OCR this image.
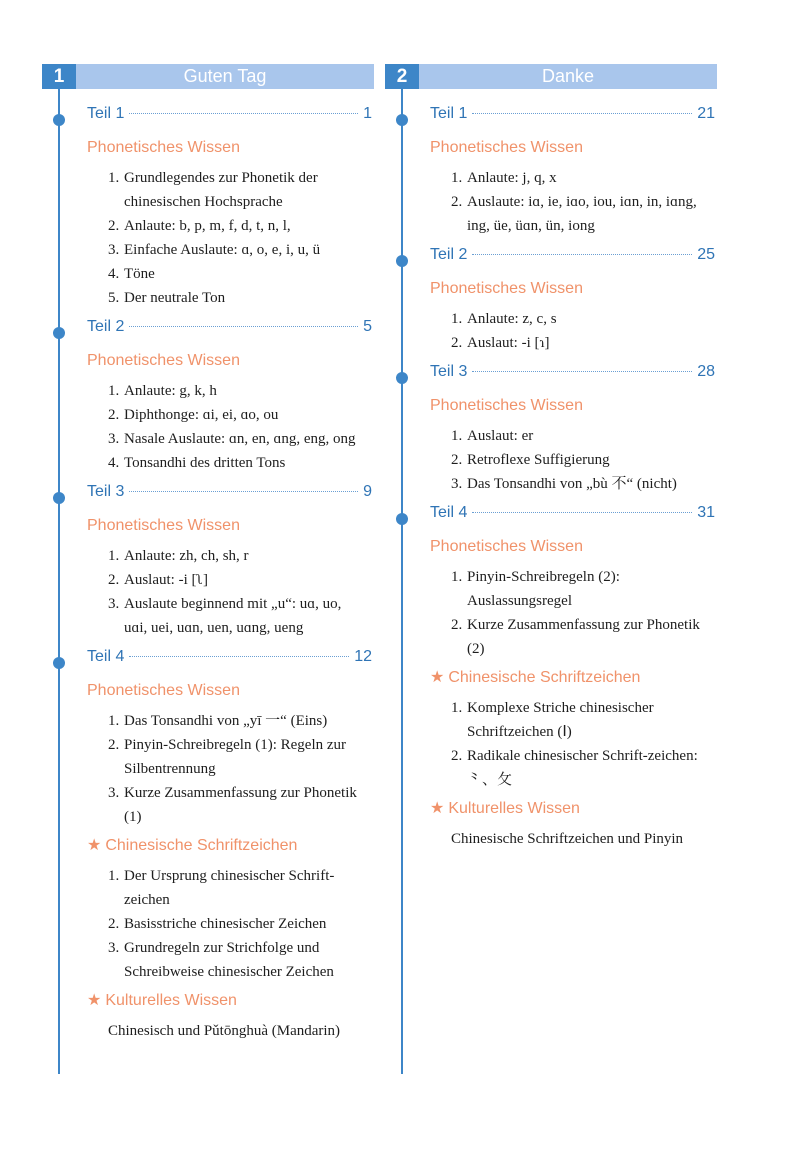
1	Guten Tag
Teil 1	1
Phonetisches Wissen
1. Grundlegendes zur Phonetik der chinesischen Hochsprache
2. Anlaute: b, p, m, f, d, t, n, l,
3. Einfache Auslaute: ɑ, o, e, i, u, ü
4. Töne
5. Der neutrale Ton
Teil 2	5
Phonetisches Wissen
1. Anlaute: g, k, h
2. Diphthonge: ɑi, ei, ɑo, ou
3. Nasale Auslaute: ɑn, en, ɑng, eng, ong
4. Tonsandhi des dritten Tons
Teil 3	9
Phonetisches Wissen
1. Anlaute: zh, ch, sh, r
2. Auslaut: -i [ʅ]
3. Auslaute beginnend mit „u“: uɑ, uo, uɑi, uei, uɑn, uen, uɑng, ueng
Teil 4	12
Phonetisches Wissen
1. Das Tonsandhi von „yī 一“ (Eins)
2. Pinyin-Schreibregeln (1): Regeln zur Silbentrennung
3. Kurze Zusammenfassung zur Phonetik (1)
★ Chinesische Schriftzeichen
1. Der Ursprung chinesischer Schrift-zeichen
2. Basisstriche chinesischer Zeichen
3. Grundregeln zur Strichfolge und Schreibweise chinesischer Zeichen
★ Kulturelles Wissen
Chinesisch und Pǔtōnghuà (Mandarin)
2	Danke
Teil 1	21
Phonetisches Wissen
1. Anlaute: j, q, x
2. Auslaute: iɑ, ie, iɑo, iou, iɑn, in, iɑng, ing, üe, üɑn, ün, iong
Teil 2	25
Phonetisches Wissen
1. Anlaute: z, c, s
2. Auslaut: -i [ɿ]
Teil 3	28
Phonetisches Wissen
1. Auslaut: er
2. Retroflexe Suffigierung
3. Das Tonsandhi von „bù 不“ (nicht)
Teil 4	31
Phonetisches Wissen
1. Pinyin-Schreibregeln (2): Auslassungsregel
2. Kurze Zusammenfassung zur Phonetik (2)
★ Chinesische Schriftzeichen
1. Komplexe Striche chinesischer Schriftzeichen (Ⅰ)
2. Radikale chinesischer Schrift-zeichen: ⺀、⺙
★ Kulturelles Wissen
Chinesische Schriftzeichen und Pinyin
